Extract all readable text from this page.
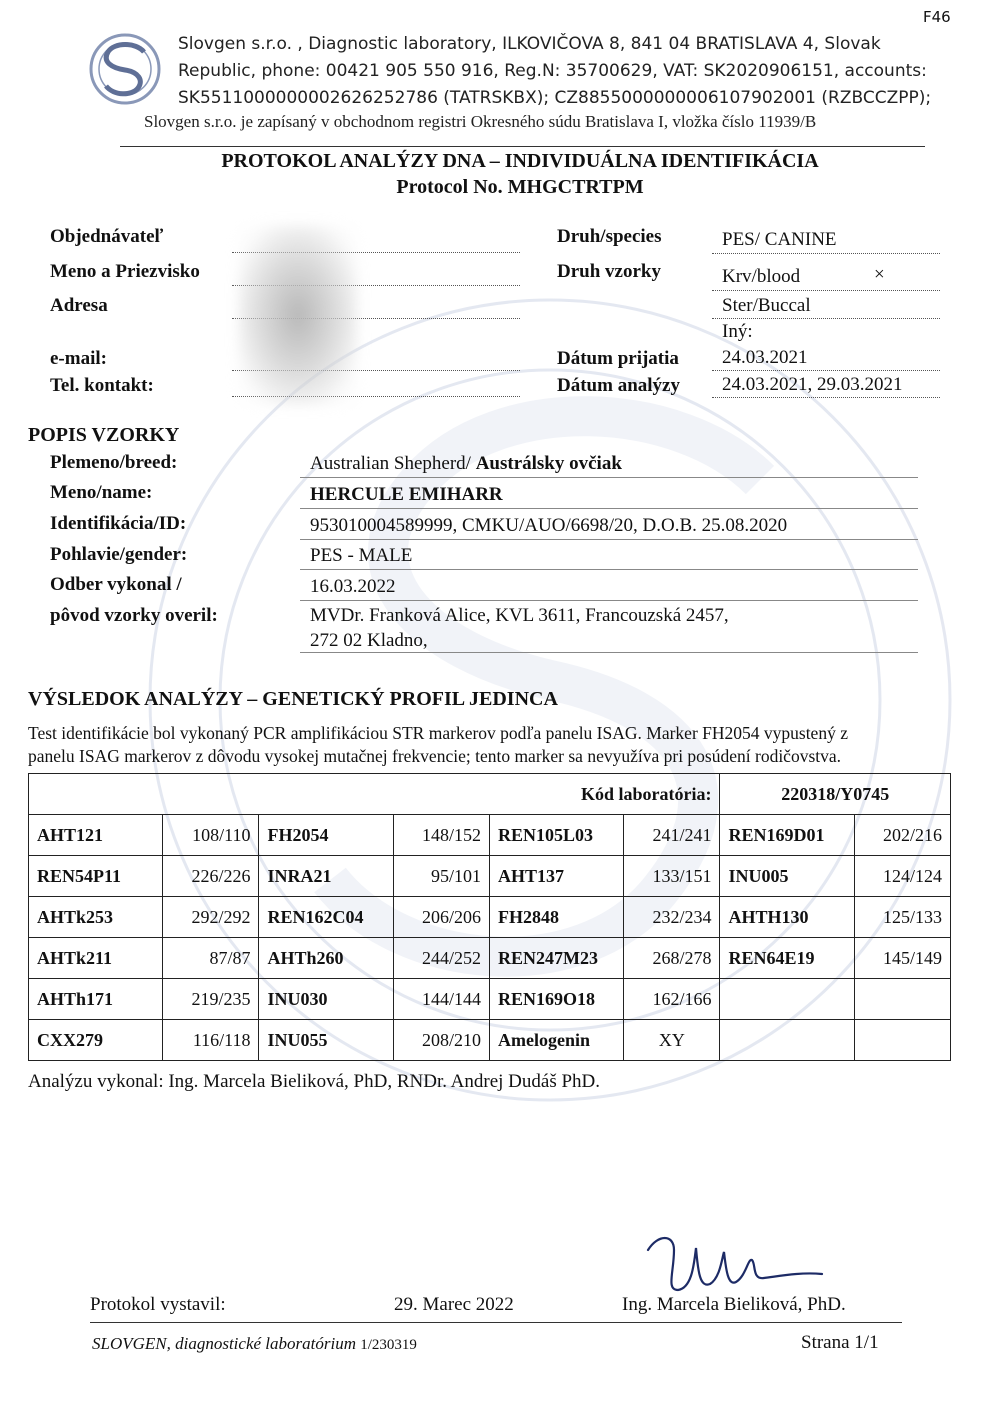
F46
Slovgen s.r.o. , Diagnostic laboratory, ILKOVIČOVA 8, 841 04 BRATISLAVA 4, Slovak
Republic, phone: 00421 905 550 916, Reg.N: 35700629, VAT: SK2020906151, accounts:
SK5511000000002626252786 (TATRSKBX); CZ8855000000006107902001 (RZBCCZPP);
Slovgen s.r.o. je zapísaný v obchodnom registri Okresného súdu Bratislava I, vložka číslo 11939/B
PROTOKOL ANALÝZY DNA – INDIVIDUÁLNA IDENTIFIKÁCIA
Protocol No. MHGCTRTPM
Objednávateľ
Meno a Priezvisko
Adresa
e-mail:
Tel. kontakt:
Druh/species	PES/ CANINE
Druh vzorky	Krv/blood	×
Ster/Buccal
Iný:
Dátum prijatia 24.03.2021
Dátum analýzy 24.03.2021, 29.03.2021
POPIS VZORKY
Plemeno/breed:	Australian Shepherd/ Austrálsky ovčiak
Meno/name:	HERCULE EMIHARR
Identifikácia/ID:	953010004589999, CMKU/AUO/6698/20, D.O.B. 25.08.2020
Pohlavie/gender:	PES - MALE
Odber vykonal /	16.03.2022
pôvod vzorky overil:	MVDr. Franková Alice, KVL 3611, Francouzská 2457,
272 02 Kladno,
VÝSLEDOK ANALÝZY – GENETICKÝ PROFIL JEDINCA
Test identifikácie bol vykonaný PCR amplifikáciou STR markerov podľa panelu ISAG. Marker FH2054 vypustený z
panelu ISAG markerov z dôvodu vysokej mutačnej frekvencie; tento marker sa nevyužíva pri posúdení rodičovstva.
Kód laboratória:						220318/Y0745	
AHT121	108/110	FH2054	148/152	REN105L03	241/241	REN169D01	202/216
REN54P11	226/226	INRA21	95/101	AHT137	133/151	INU005	124/124
AHTk253	292/292	REN162C04	206/206	FH2848	232/234	AHTH130	125/133
AHTk211	87/87	AHTh260	244/252	REN247M23	268/278	REN64E19	145/149
AHTh171	219/235	INU030	144/144	REN169O18	162/166		
CXX279	116/118	INU055	208/210	Amelogenin	XY		
Analýzu vykonal: Ing. Marcela Bieliková, PhD, RNDr. Andrej Dudáš PhD.
Protokol vystavil:	29. Marec 2022	Ing. Marcela Bieliková, PhD.
SLOVGEN, diagnostické laboratórium 1/230319	Strana 1/1
